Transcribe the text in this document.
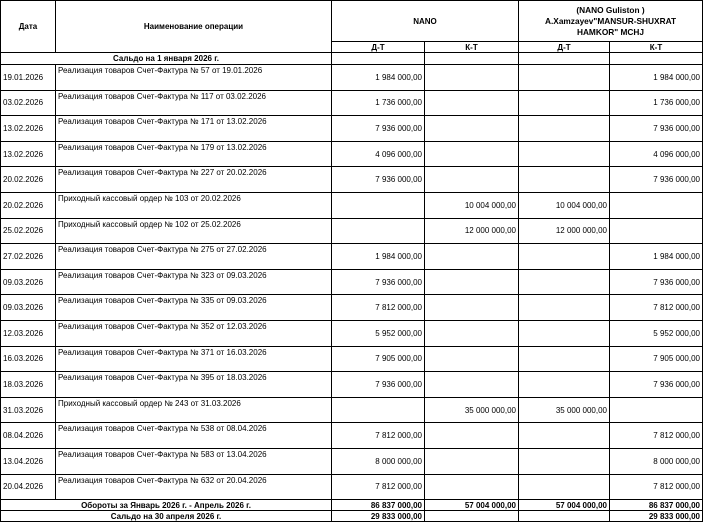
Дата	Наименование операции	NANO		(NANO Guliston )
A.Xamzayev"MANSUR-SHUXRAT
HAMKOR" MCHJ	

		Д-Т	К-Т	Д-Т	К-Т
Сальдо на 1 января 2026 г.					
19.01.2026	Реализация товаров Счет-Фактура № 57 от 19.01.2026	1 984 000,00			1 984 000,00
03.02.2026	Реализация товаров Счет-Фактура № 117 от 03.02.2026	1 736 000,00			1 736 000,00
13.02.2026	Реализация товаров Счет-Фактура № 171 от 13.02.2026	7 936 000,00			7 936 000,00
13.02.2026	Реализация товаров Счет-Фактура № 179 от 13.02.2026	4 096 000,00			4 096 000,00
20.02.2026	Реализация товаров Счет-Фактура № 227 от 20.02.2026	7 936 000,00			7 936 000,00
20.02.2026	Приходный кассовый ордер № 103 от 20.02.2026		10 004 000,00	10 004 000,00	
25.02.2026	Приходный кассовый ордер № 102 от 25.02.2026		12 000 000,00	12 000 000,00	
27.02.2026	Реализация товаров Счет-Фактура № 275 от 27.02.2026	1 984 000,00			1 984 000,00
09.03.2026	Реализация товаров Счет-Фактура № 323 от 09.03.2026	7 936 000,00			7 936 000,00
09.03.2026	Реализация товаров Счет-Фактура № 335 от 09.03.2026	7 812 000,00			7 812 000,00
12.03.2026	Реализация товаров Счет-Фактура № 352 от 12.03.2026	5 952 000,00			5 952 000,00
16.03.2026	Реализация товаров Счет-Фактура № 371 от 16.03.2026	7 905 000,00			7 905 000,00
18.03.2026	Реализация товаров Счет-Фактура № 395 от 18.03.2026	7 936 000,00			7 936 000,00
31.03.2026	Приходный кассовый ордер № 243 от 31.03.2026		35 000 000,00	35 000 000,00	
08.04.2026	Реализация товаров Счет-Фактура № 538 от 08.04.2026	7 812 000,00			7 812 000,00
13.04.2026	Реализация товаров Счет-Фактура № 583 от 13.04.2026	8 000 000,00			8 000 000,00
20.04.2026	Реализация товаров Счет-Фактура № 632 от 20.04.2026	7 812 000,00			7 812 000,00
Обороты за Январь 2026 г. - Апрель 2026 г.		86 837 000,00	57 004 000,00	57 004 000,00	86 837 000,00
Сальдо на 30 апреля 2026 г.		29 833 000,00			29 833 000,00
